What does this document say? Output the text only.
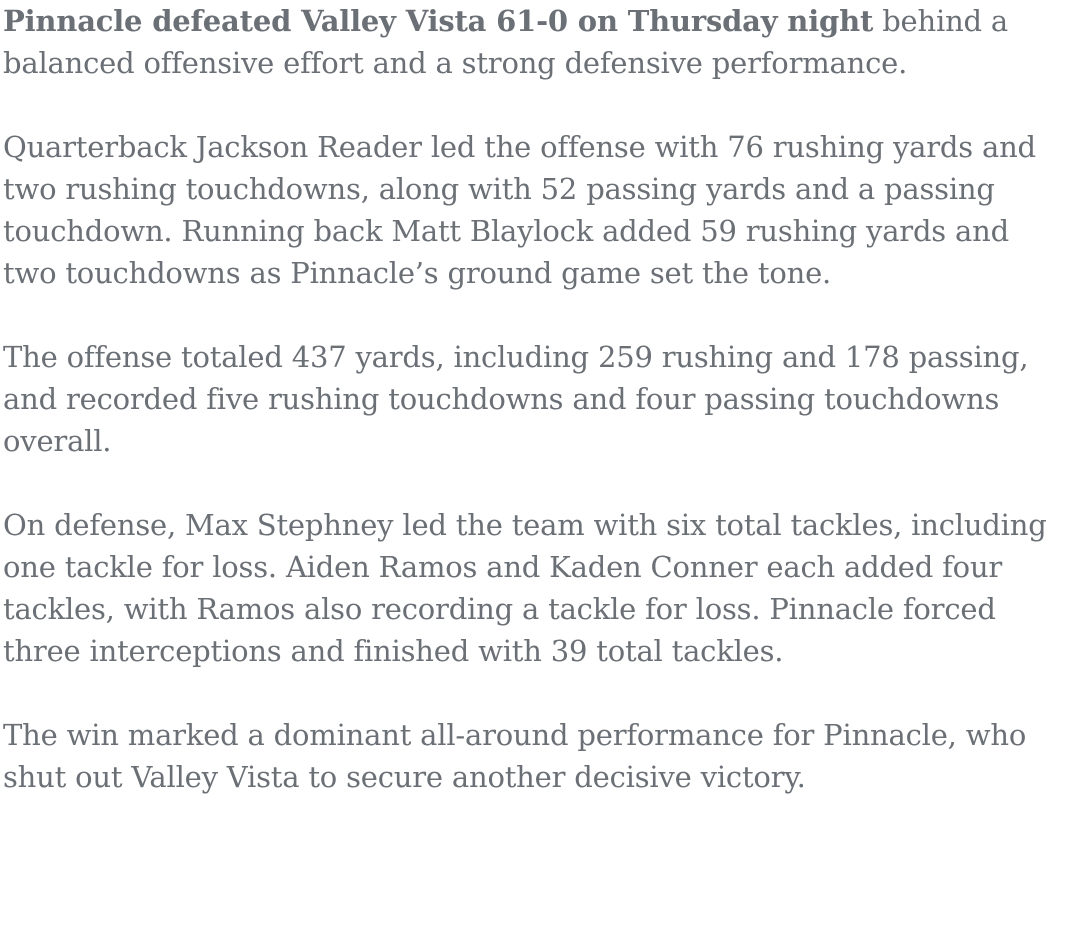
Pinnacle defeated Valley Vista 61-0 on Thursday night behind a balanced offensive effort and a strong defensive performance.

Quarterback Jackson Reader led the offense with 76 rushing yards and two rushing touchdowns, along with 52 passing yards and a passing touchdown. Running back Matt Blaylock added 59 rushing yards and two touchdowns as Pinnacle’s ground game set the tone.

The offense totaled 437 yards, including 259 rushing and 178 passing, and recorded five rushing touchdowns and four passing touchdowns overall.

On defense, Max Stephney led the team with six total tackles, including one tackle for loss. Aiden Ramos and Kaden Conner each added four tackles, with Ramos also recording a tackle for loss. Pinnacle forced three interceptions and finished with 39 total tackles.

The win marked a dominant all-around performance for Pinnacle, who shut out Valley Vista to secure another decisive victory.
